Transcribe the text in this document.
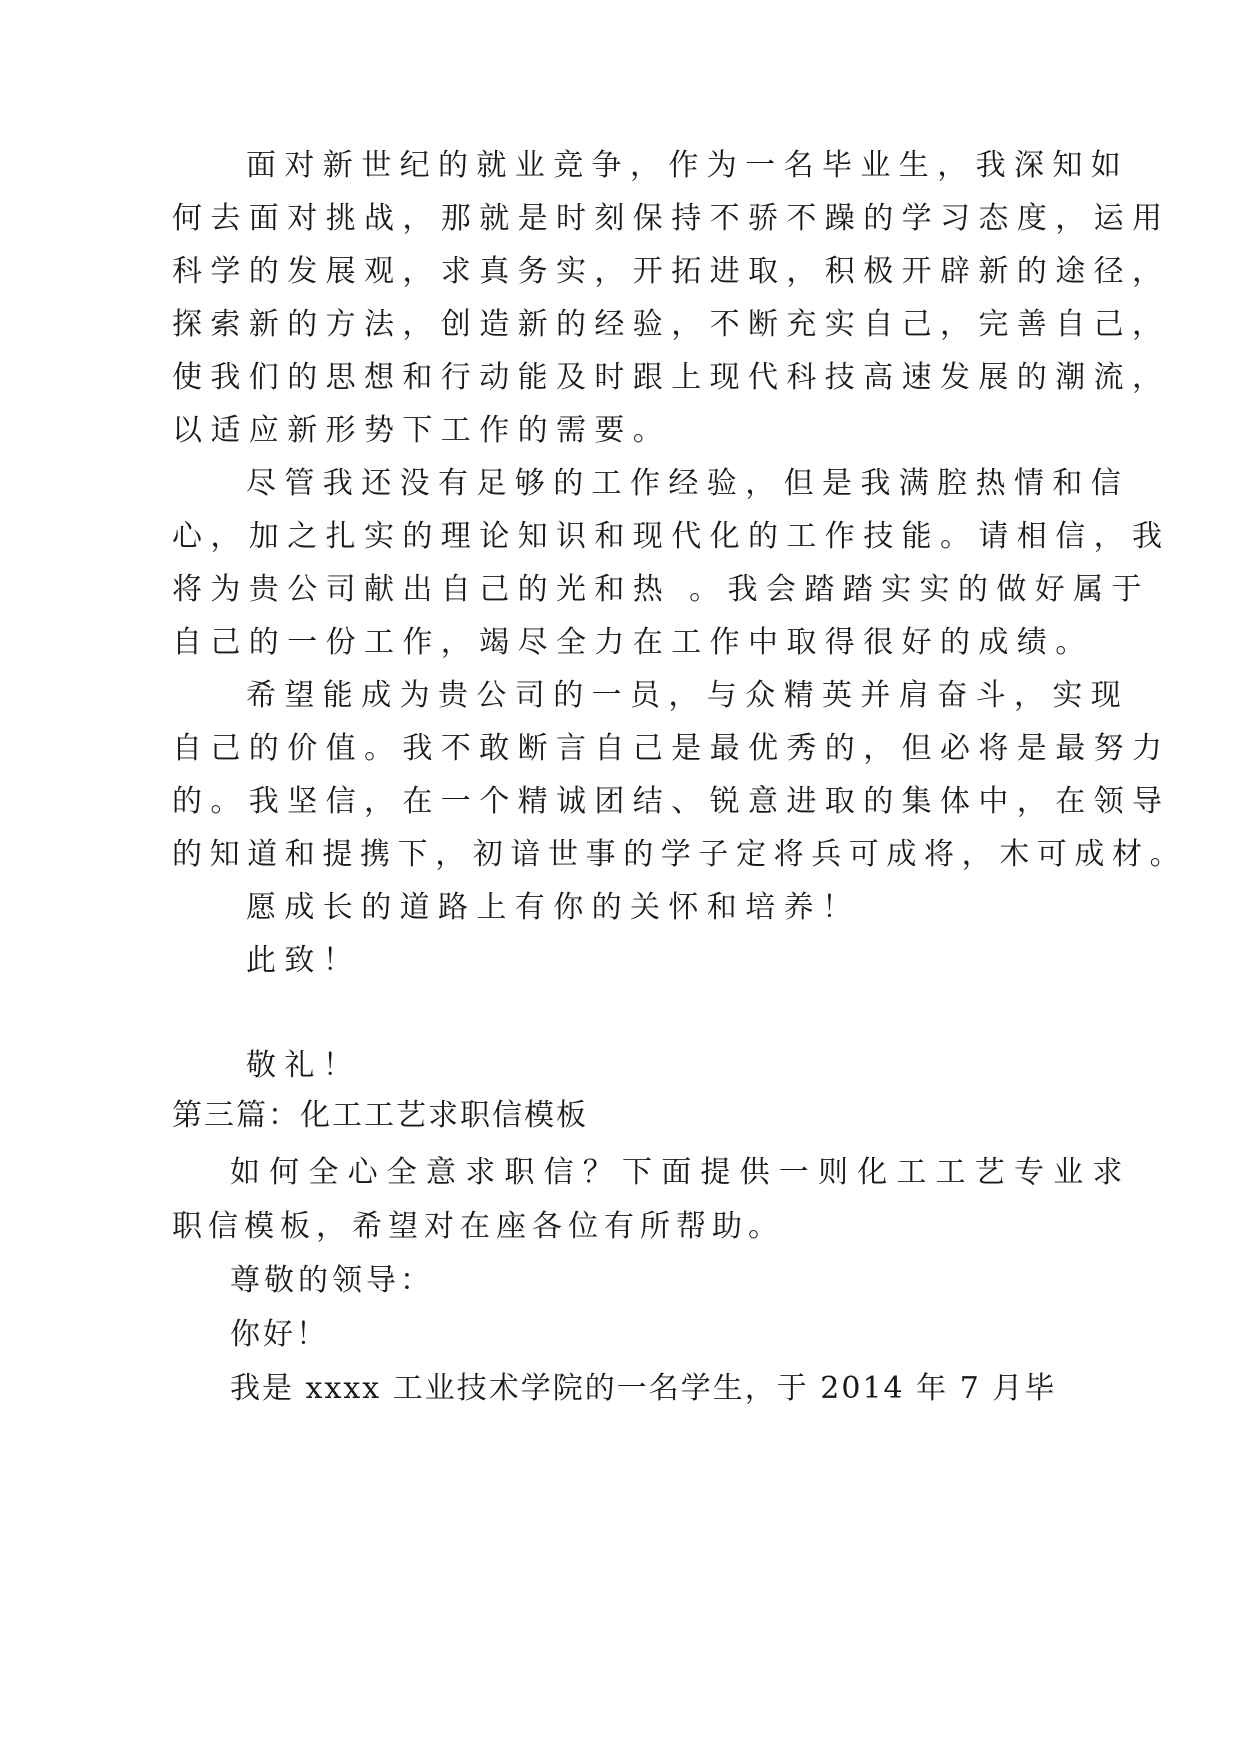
面对新世纪的就业竞争，作为一名毕业生，我深知如
何去面对挑战，那就是时刻保持不骄不躁的学习态度，运用
科学的发展观，求真务实，开拓进取，积极开辟新的途径，
探索新的方法，创造新的经验，不断充实自己，完善自己，
使我们的思想和行动能及时跟上现代科技高速发展的潮流，
以适应新形势下工作的需要。
尽管我还没有足够的工作经验，但是我满腔热情和信
心，加之扎实的理论知识和现代化的工作技能。请相信，我
将为贵公司献出自己的光和热 。我会踏踏实实的做好属于
自己的一份工作，竭尽全力在工作中取得很好的成绩。
希望能成为贵公司的一员，与众精英并肩奋斗，实现
自己的价值。我不敢断言自己是最优秀的，但必将是最努力
的。我坚信，在一个精诚团结、锐意进取的集体中，在领导
的知道和提携下，初谙世事的学子定将兵可成将，木可成材。
愿成长的道路上有你的关怀和培养！
此致！
敬礼！
第三篇：化工工艺求职信模板
如何全心全意求职信？下面提供一则化工工艺专业求
职信模板，希望对在座各位有所帮助。
尊敬的领导：
你好！
我是 xxxx 工业技术学院的一名学生，于 2014 年 7 月毕
